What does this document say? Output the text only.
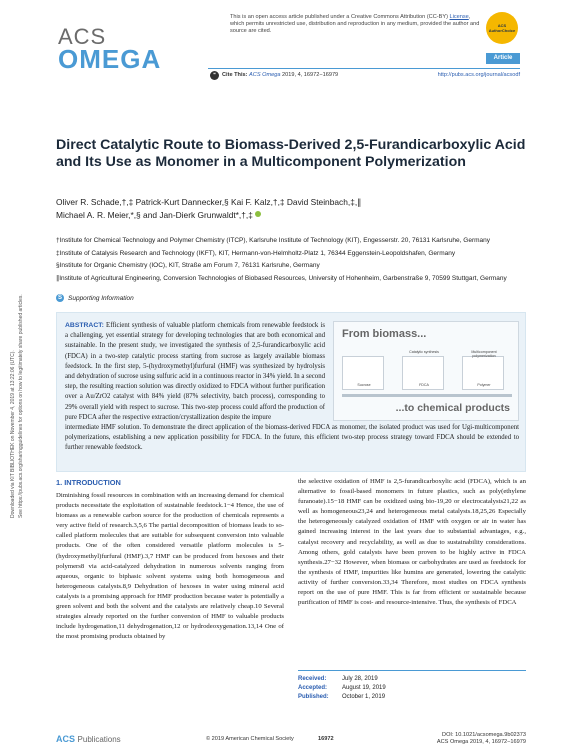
Downloaded via KIT BIBLIOTHEK on November 4, 2019 at 13:22:06 (UTC). See https://pubs.acs.org/sharingguidelines for options on how to legitimately share published articles.
ACS
OMEGA
This is an open access article published under a Creative Commons Attribution (CC-BY) License, which permits unrestricted use, distribution and reproduction in any medium, provided the author and source are cited.
ACS AuthorChoice
Article
❝	Cite This: ACS Omega 2019, 4, 16972−16979	http://pubs.acs.org/journal/acsodf
Direct Catalytic Route to Biomass-Derived 2,5-Furandicarboxylic Acid and Its Use as Monomer in a Multicomponent Polymerization
Oliver R. Schade,†,‡ Patrick-Kurt Dannecker,§ Kai F. Kalz,†,‡ David Steinbach,‡,∥
Michael A. R. Meier,*,§ and Jan-Dierk Grunwaldt*,†,‡

†Institute for Chemical Technology and Polymer Chemistry (ITCP), Karlsruhe Institute of Technology (KIT), Engesserstr. 20, 76131 Karlsruhe, Germany

‡Institute of Catalysis Research and Technology (IKFT), KIT, Hermann-von-Helmholtz-Platz 1, 76344 Eggenstein-Leopoldshafen, Germany

§Institute for Organic Chemistry (IOC), KIT, Straße am Forum 7, 76131 Karlsruhe, Germany

∥Institute of Agricultural Engineering, Conversion Technologies of Biobased Resources, University of Hohenheim, Garbenstraße 9, 70599 Stuttgart, Germany

S Supporting Information
ABSTRACT: Efficient synthesis of valuable platform chemicals from renewable feedstock is a challenging, yet essential strategy for developing technologies that are both economical and sustainable. In the present study, we investigated the synthesis of 2,5-furandicarboxylic acid (FDCA) in a two-step catalytic process starting from sucrose as largely available biomass feedstock. In the first step, 5-(hydroxymethyl)furfural (HMF) was synthesized by hydrolysis and dehydration of sucrose using sulfuric acid in a continuous reactor in 34% yield. In a second step, the resulting reaction solution was directly oxidized to FDCA without further purification over a Au/ZrO2 catalyst with 84% yield (87% selectivity, batch process), corresponding to 29% overall yield with respect to sucrose. This two-step process could afford the production of pure FDCA after the respective extraction/crystallization despite the impure
From biomass...
Sucrose
Catalytic synthesis
FDCA
Multicomponent polymerization
Polymer
...to chemical products
intermediate HMF solution. To demonstrate the direct application of the biomass-derived FDCA as monomer, the isolated product was used for Ugi-multicomponent polymerizations, establishing a new application possibility for FDCA. In the future, this efficient two-step process strategy toward FDCA should be extended to further renewable feedstock.
1. INTRODUCTION
Diminishing fossil resources in combination with an increasing demand for chemical products necessitate the exploitation of sustainable feedstock.1−4 Hence, the use of biomass as a renewable carbon source for the production of chemicals represents a very active field of research.3,5,6 The partial decomposition of biomass leads to so-called platform molecules that are suitable for subsequent conversion into valuable products. One of the often considered versatile platform molecules is 5-(hydroxymethyl)furfural (HMF).3,7 HMF can be produced from hexoses and their polymers8 via acid-catalyzed dehydration in numerous solvents ranging from aqueous, organic to biphasic solvent systems using both homogeneous and heterogeneous catalysts.8,9 Dehydration of hexoses in water using mineral acid catalysts is a promising approach for HMF production because water is potentially a green solvent and both the solvent and the catalysts are relatively cheap.10 Several strategies already reported on the further conversion of HMF to valuable products include hydrogenation,11 dehydrogenation,12 or hydrodeoxygenation.13,14 One of the most promising products obtained by
the selective oxidation of HMF is 2,5-furandicarboxylic acid (FDCA), which is an alternative to fossil-based monomers in future plastics, such as poly(ethylene furanoate).15−18 HMF can be oxidized using bio-19,20 or electrocatalysts21,22 as well as homogeneous23,24 and heterogeneous metal catalysts.18,25,26 Especially the heterogeneously catalyzed oxidation of HMF with oxygen or air in water has gained increasing interest in the last years due to substantial advantages, e.g., catalyst recovery and recyclability, as well as due to sustainability considerations. Among others, gold catalysts have been proven to be highly active in FDCA synthesis.27−32 However, when biomass or carbohydrates are used as feedstock for the synthesis of HMF, impurities like humins are generated, lowering the catalytic activity of further conversion.33,34 Therefore, most studies on FDCA synthesis report on the use of pure HMF. This is far from efficient or sustainable because purification of HMF is cost- and resource-intensive. Thus, the synthesis of FDCA
Received:	July 28, 2019
Accepted:	August 19, 2019
Published:	October 1, 2019
ACS Publications	© 2019 American Chemical Society	16972
DOI: 10.1021/acsomega.9b02373
ACS Omega 2019, 4, 16972−16979
